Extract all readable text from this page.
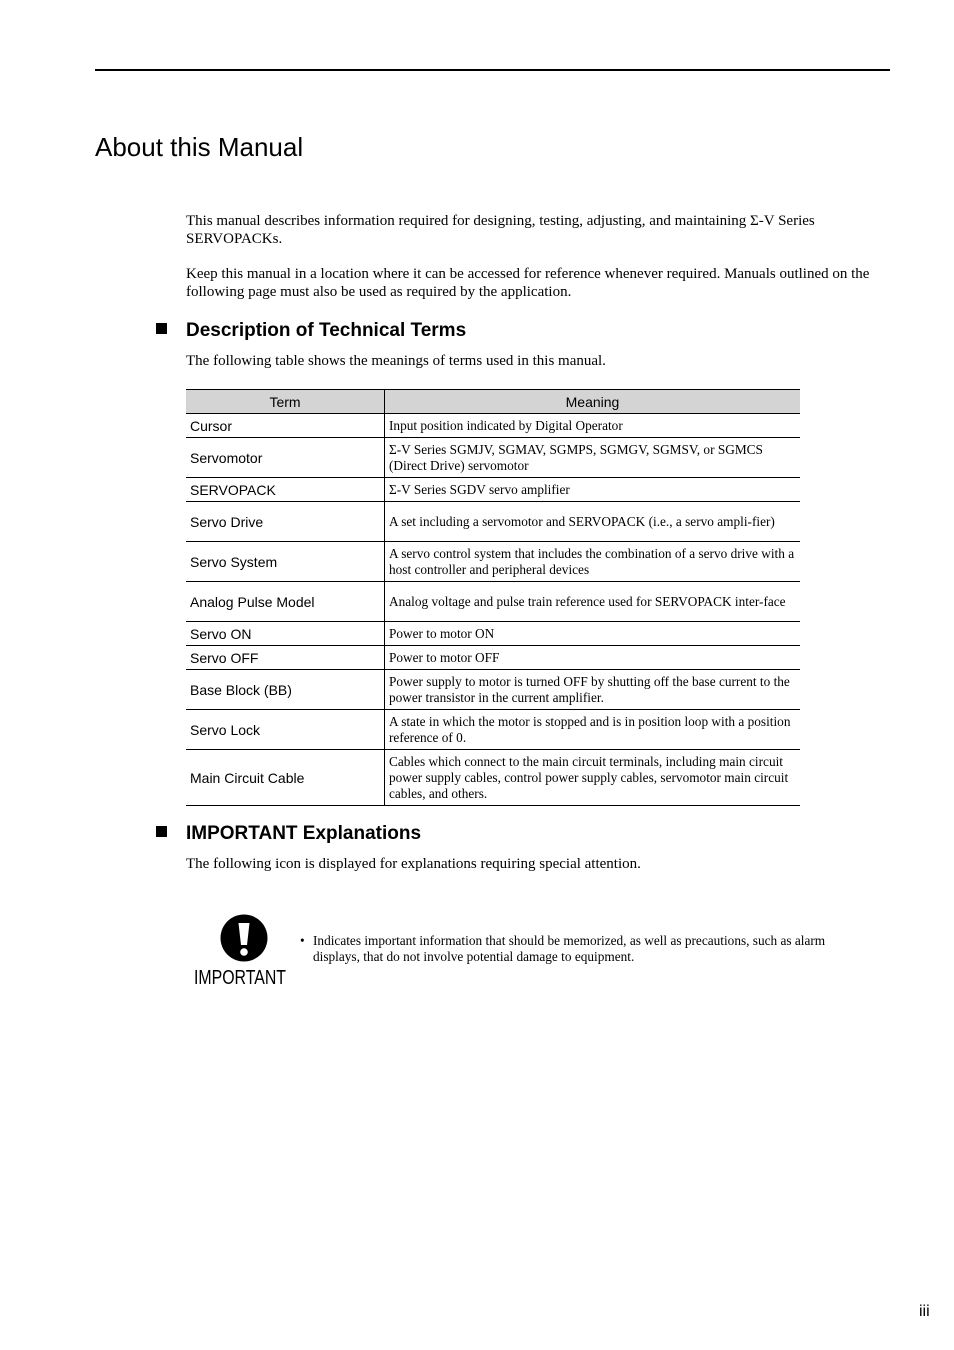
About this Manual

This manual describes information required for designing, testing, adjusting, and maintaining Σ-V Series SERVOPACKs.

Keep this manual in a location where it can be accessed for reference whenever required. Manuals outlined on the following page must also be used as required by the application.

Description of Technical Terms

The following table shows the meanings of terms used in this manual.

Term	Meaning
Cursor	Input position indicated by Digital Operator
Servomotor	Σ-V Series SGMJV, SGMAV, SGMPS, SGMGV, SGMSV, or SGMCS (Direct Drive) servomotor
SERVOPACK	Σ-V Series SGDV servo amplifier
Servo Drive	A set including a servomotor and SERVOPACK (i.e., a servo ampli-fier)
Servo System	A servo control system that includes the combination of a servo drive with a host controller and peripheral devices
Analog Pulse Model	Analog voltage and pulse train reference used for SERVOPACK inter-face
Servo ON	Power to motor ON
Servo OFF	Power to motor OFF
Base Block (BB)	Power supply to motor is turned OFF by shutting off the base current to the power transistor in the current amplifier.
Servo Lock	A state in which the motor is stopped and is in position loop with a position reference of 0.
Main Circuit Cable	Cables which connect to the main circuit terminals, including main circuit power supply cables, control power supply cables, servomotor main circuit cables, and others.
IMPORTANT Explanations

The following icon is displayed for explanations requiring special attention.

IMPORTANT
• Indicates important information that should be memorized, as well as precautions, such as alarm displays, that do not involve potential damage to equipment.
iii
